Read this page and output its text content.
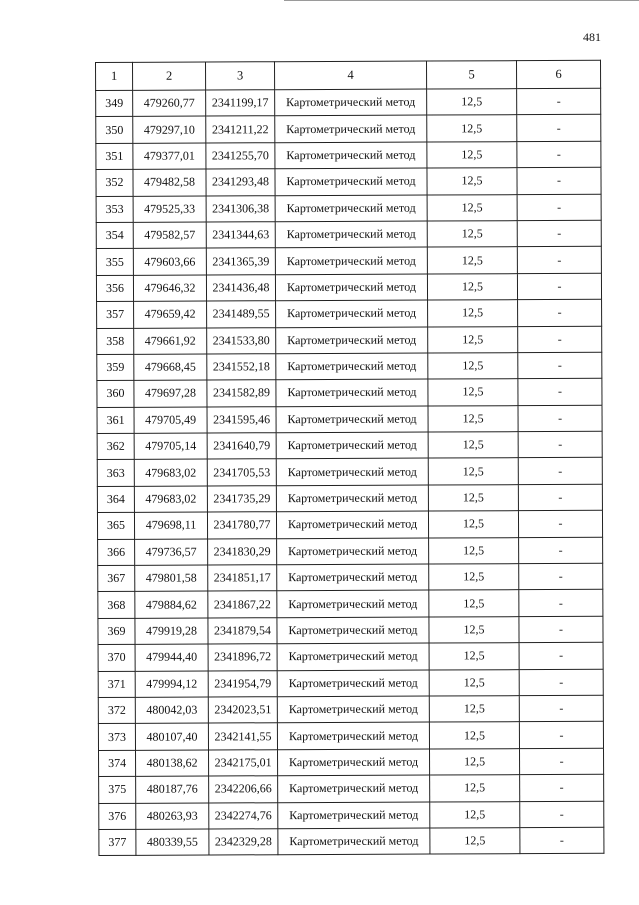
481
1	2	3	4	5	6
349	479260,77	2341199,17	Картометрический метод	12,5	-
350	479297,10	2341211,22	Картометрический метод	12,5	-
351	479377,01	2341255,70	Картометрический метод	12,5	-
352	479482,58	2341293,48	Картометрический метод	12,5	-
353	479525,33	2341306,38	Картометрический метод	12,5	-
354	479582,57	2341344,63	Картометрический метод	12,5	-
355	479603,66	2341365,39	Картометрический метод	12,5	-
356	479646,32	2341436,48	Картометрический метод	12,5	-
357	479659,42	2341489,55	Картометрический метод	12,5	-
358	479661,92	2341533,80	Картометрический метод	12,5	-
359	479668,45	2341552,18	Картометрический метод	12,5	-
360	479697,28	2341582,89	Картометрический метод	12,5	-
361	479705,49	2341595,46	Картометрический метод	12,5	-
362	479705,14	2341640,79	Картометрический метод	12,5	-
363	479683,02	2341705,53	Картометрический метод	12,5	-
364	479683,02	2341735,29	Картометрический метод	12,5	-
365	479698,11	2341780,77	Картометрический метод	12,5	-
366	479736,57	2341830,29	Картометрический метод	12,5	-
367	479801,58	2341851,17	Картометрический метод	12,5	-
368	479884,62	2341867,22	Картометрический метод	12,5	-
369	479919,28	2341879,54	Картометрический метод	12,5	-
370	479944,40	2341896,72	Картометрический метод	12,5	-
371	479994,12	2341954,79	Картометрический метод	12,5	-
372	480042,03	2342023,51	Картометрический метод	12,5	-
373	480107,40	2342141,55	Картометрический метод	12,5	-
374	480138,62	2342175,01	Картометрический метод	12,5	-
375	480187,76	2342206,66	Картометрический метод	12,5	-
376	480263,93	2342274,76	Картометрический метод	12,5	-
377	480339,55	2342329,28	Картометрический метод	12,5	-
